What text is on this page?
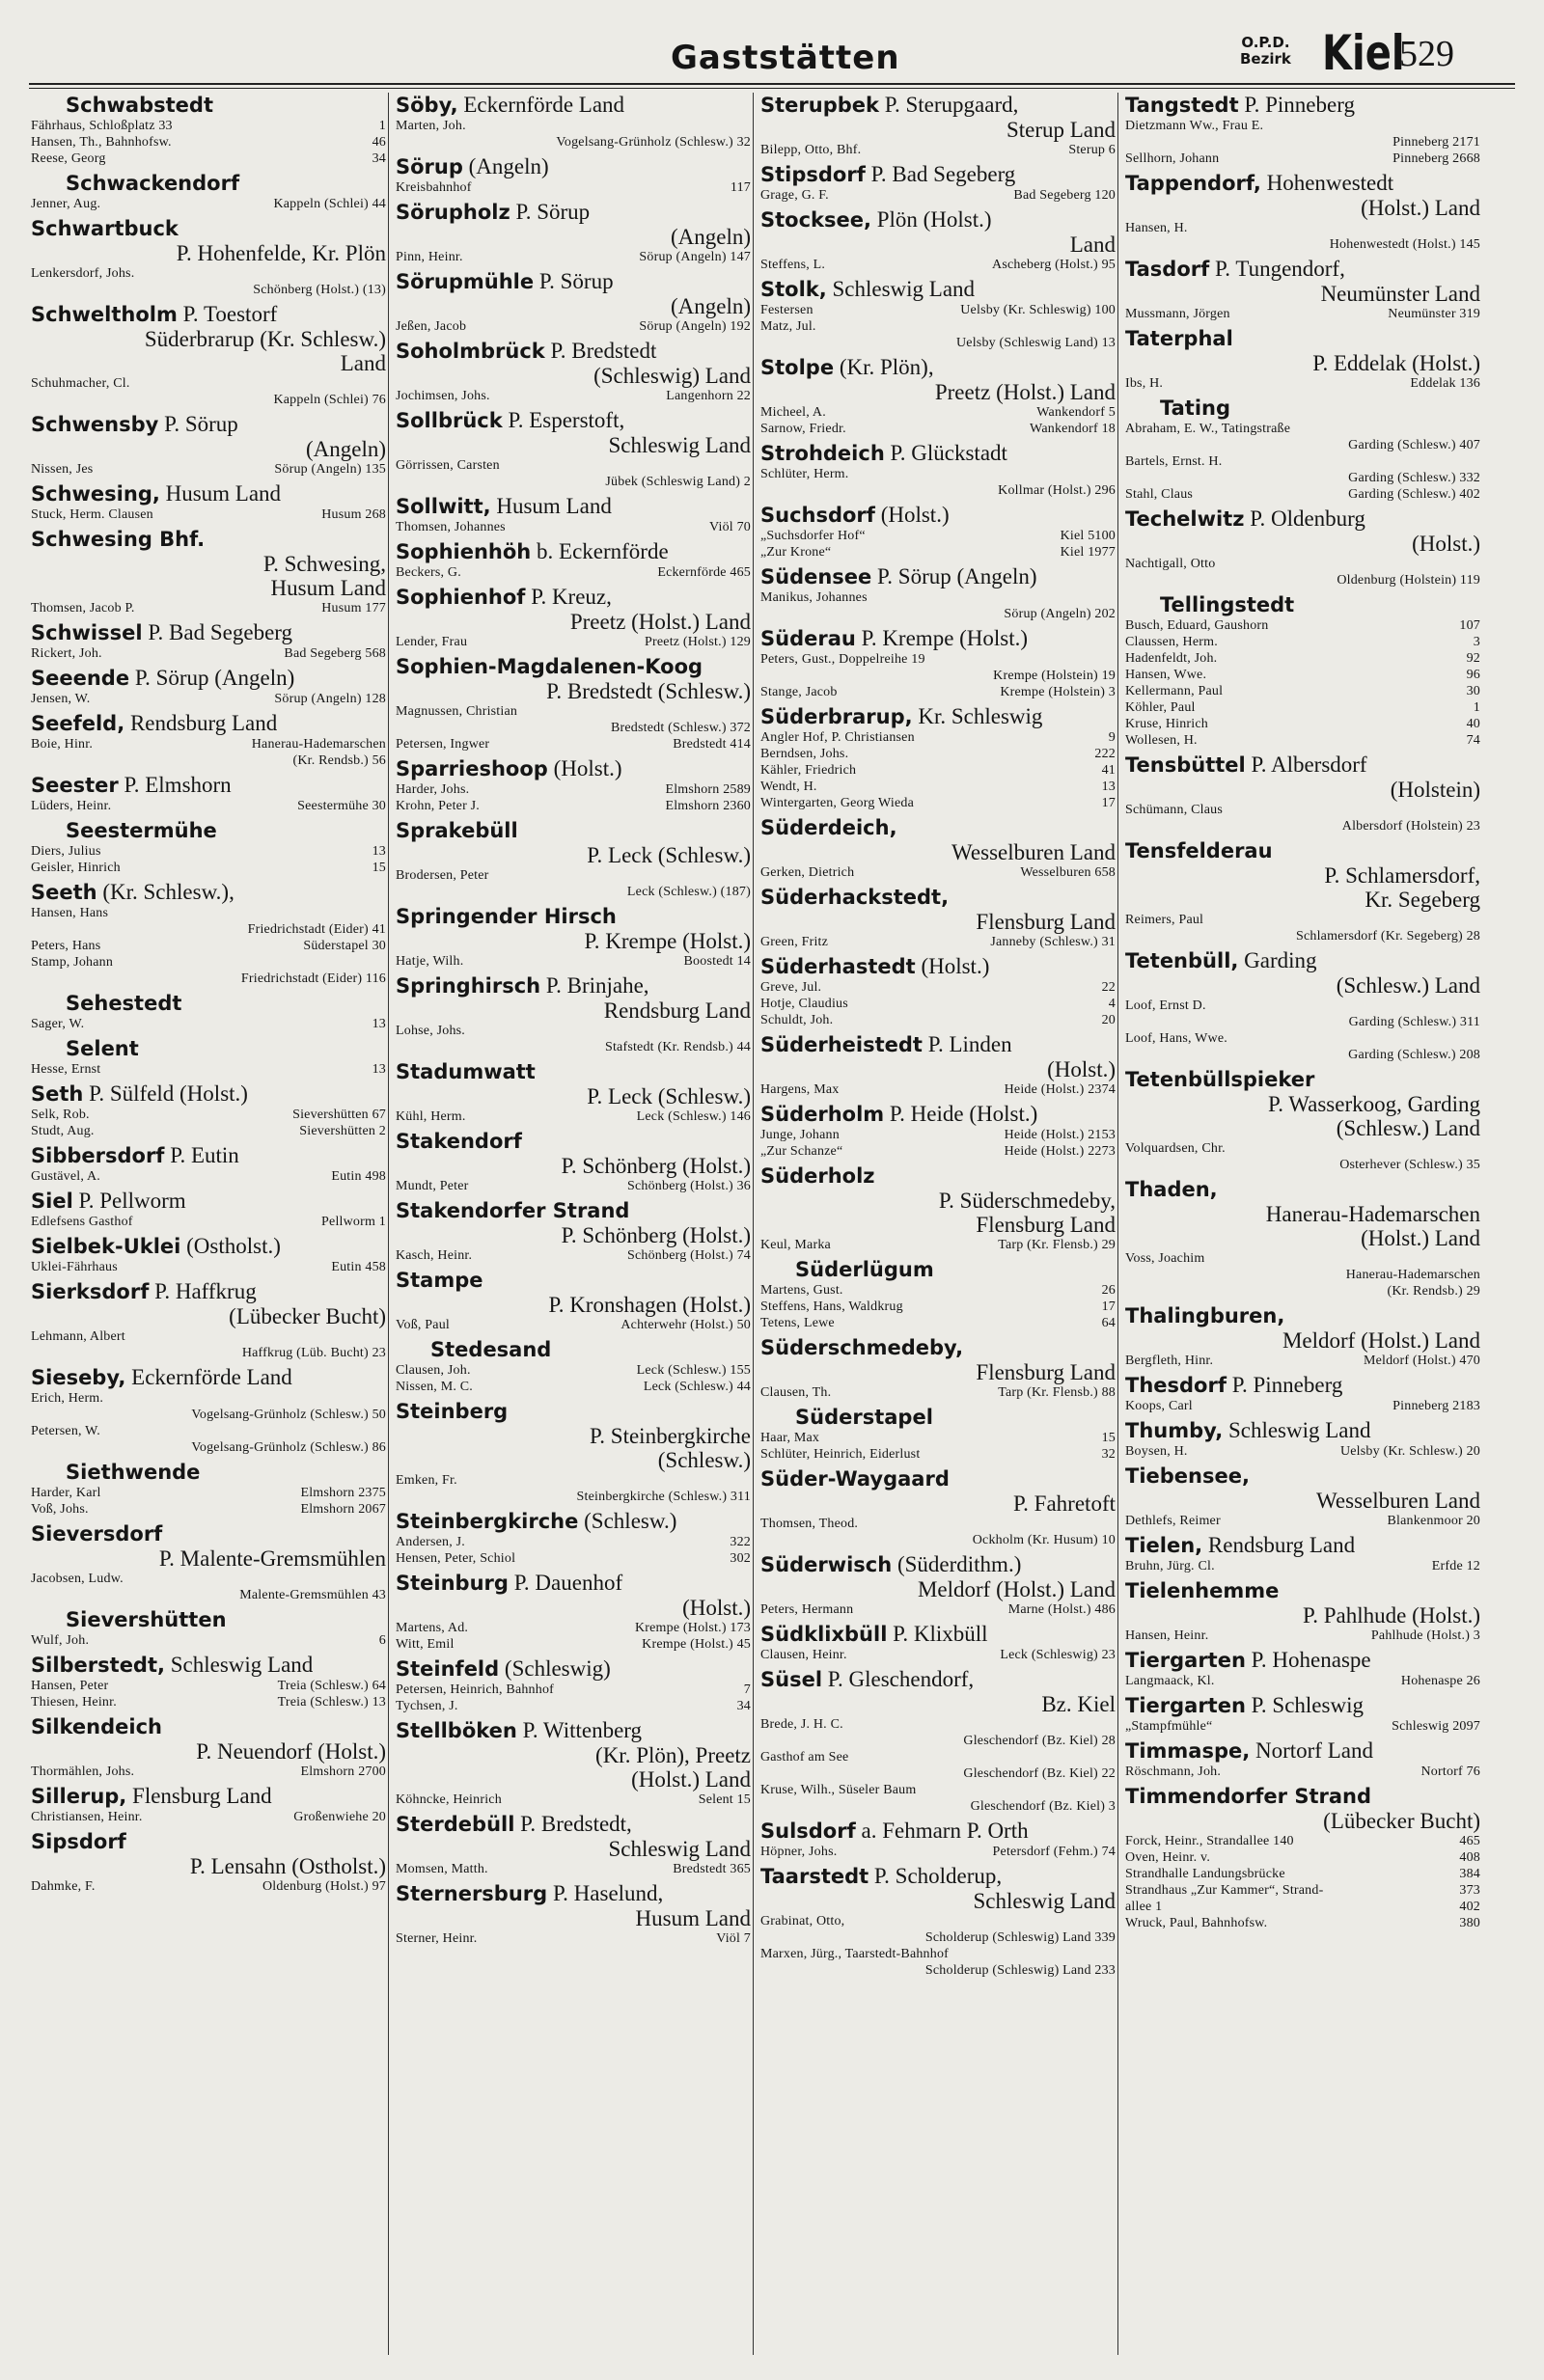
Gaststätten	O.P.D.
Bezirk Kiel
529
Schwabstedt
1
Fährhaus, Schloßplatz 33
46
Hansen, Th., Bahnhofsw.
34
Reese, Georg
Schwackendorf
Kappeln (Schlei) 44
Jenner, Aug.
Schwartbuck
P. Hohenfelde, Kr. Plön
Lenkersdorf, Johs.
Schönberg (Holst.) (13)
Schweltholm P. Toestorf
Süderbrarup (Kr. Schlesw.)
Land
Schuhmacher, Cl.
Kappeln (Schlei) 76
Schwensby P. Sörup
(Angeln)
Sörup (Angeln) 135
Nissen, Jes
Schwesing, Husum Land
Husum 268
Stuck, Herm. Clausen
Schwesing Bhf.
P. Schwesing,
Husum Land
Husum 177
Thomsen, Jacob P.
Schwissel P. Bad Segeberg
Bad Segeberg 568
Rickert, Joh.
Seeende P. Sörup (Angeln)
Sörup (Angeln) 128
Jensen, W.
Seefeld, Rendsburg Land
Hanerau-Hademarschen
Boie, Hinr.
(Kr. Rendsb.) 56
Seester P. Elmshorn
Seestermühe 30
Lüders, Heinr.
Seestermühe
13
Diers, Julius
15
Geisler, Hinrich
Seeth (Kr. Schlesw.),
Hansen, Hans
Friedrichstadt (Eider) 41
Süderstapel 30
Peters, Hans
Stamp, Johann
Friedrichstadt (Eider) 116
Sehestedt
13
Sager, W.
Selent
13
Hesse, Ernst
Seth P. Sülfeld (Holst.)
Sievershütten 67
Selk, Rob.
Sievershütten 2
Studt, Aug.
Sibbersdorf P. Eutin
Eutin 498
Gustävel, A.
Siel P. Pellworm
Pellworm 1
Edlefsens Gasthof
Sielbek-Uklei (Ostholst.)
Eutin 458
Uklei-Fährhaus
Sierksdorf P. Haffkrug
(Lübecker Bucht)
Lehmann, Albert
Haffkrug (Lüb. Bucht) 23
Sieseby, Eckernförde Land
Erich, Herm.
Vogelsang-Grünholz (Schlesw.) 50
Petersen, W.
Vogelsang-Grünholz (Schlesw.) 86
Siethwende
Elmshorn 2375
Harder, Karl
Elmshorn 2067
Voß, Johs.
Sieversdorf
P. Malente-Gremsmühlen
Jacobsen, Ludw.
Malente-Gremsmühlen 43
Sievershütten
6
Wulf, Joh.
Silberstedt, Schleswig Land
Treia (Schlesw.) 64
Hansen, Peter
Treia (Schlesw.) 13
Thiesen, Heinr.
Silkendeich
P. Neuendorf (Holst.)
Elmshorn 2700
Thormählen, Johs.
Sillerup, Flensburg Land
Großenwiehe 20
Christiansen, Heinr.
Sipsdorf
P. Lensahn (Ostholst.)
Oldenburg (Holst.) 97
Dahmke, F.
Söby, Eckernförde Land
Marten, Joh.
Vogelsang-Grünholz (Schlesw.) 32
Sörup (Angeln)
117
Kreisbahnhof
Sörupholz P. Sörup
(Angeln)
Sörup (Angeln) 147
Pinn, Heinr.
Sörupmühle P. Sörup
(Angeln)
Sörup (Angeln) 192
Jeßen, Jacob
Soholmbrück P. Bredstedt
(Schleswig) Land
Langenhorn 22
Jochimsen, Johs.
Sollbrück P. Esperstoft,
Schleswig Land
Görrissen, Carsten
Jübek (Schleswig Land) 2
Sollwitt, Husum Land
Viöl 70
Thomsen, Johannes
Sophienhöh b. Eckernförde
Eckernförde 465
Beckers, G.
Sophienhof P. Kreuz,
Preetz (Holst.) Land
Preetz (Holst.) 129
Lender, Frau
Sophien-Magdalenen-Koog
P. Bredstedt (Schlesw.)
Magnussen, Christian
Bredstedt (Schlesw.) 372
Bredstedt 414
Petersen, Ingwer
Sparrieshoop (Holst.)
Elmshorn 2589
Harder, Johs.
Elmshorn 2360
Krohn, Peter J.
Sprakebüll
P. Leck (Schlesw.)
Brodersen, Peter
Leck (Schlesw.) (187)
Springender Hirsch
P. Krempe (Holst.)
Boostedt 14
Hatje, Wilh.
Springhirsch P. Brinjahe,
Rendsburg Land
Lohse, Johs.
Stafstedt (Kr. Rendsb.) 44
Stadumwatt
P. Leck (Schlesw.)
Leck (Schlesw.) 146
Kühl, Herm.
Stakendorf
P. Schönberg (Holst.)
Schönberg (Holst.) 36
Mundt, Peter
Stakendorfer Strand
P. Schönberg (Holst.)
Schönberg (Holst.) 74
Kasch, Heinr.
Stampe
P. Kronshagen (Holst.)
Achterwehr (Holst.) 50
Voß, Paul
Stedesand
Leck (Schlesw.) 155
Clausen, Joh.
Leck (Schlesw.) 44
Nissen, M. C.
Steinberg
P. Steinbergkirche
(Schlesw.)
Emken, Fr.
Steinbergkirche (Schlesw.) 311
Steinbergkirche (Schlesw.)
322
Andersen, J.
302
Hensen, Peter, Schiol
Steinburg P. Dauenhof
(Holst.)
Krempe (Holst.) 173
Martens, Ad.
Krempe (Holst.) 45
Witt, Emil
Steinfeld (Schleswig)
7
Petersen, Heinrich, Bahnhof
34
Tychsen, J.
Stellböken P. Wittenberg
(Kr. Plön), Preetz
(Holst.) Land
Selent 15
Köhncke, Heinrich
Sterdebüll P. Bredstedt,
Schleswig Land
Bredstedt 365
Momsen, Matth.
Sternersburg P. Haselund,
Husum Land
Viöl 7
Sterner, Heinr.
Sterupbek P. Sterupgaard,
Sterup Land
Sterup 6
Bilepp, Otto, Bhf.
Stipsdorf P. Bad Segeberg
Bad Segeberg 120
Grage, G. F.
Stocksee, Plön (Holst.)
Land
Ascheberg (Holst.) 95
Steffens, L.
Stolk, Schleswig Land
Uelsby (Kr. Schleswig) 100
Festersen
Matz, Jul.
Uelsby (Schleswig Land) 13
Stolpe (Kr. Plön),
Preetz (Holst.) Land
Wankendorf 5
Micheel, A.
Wankendorf 18
Sarnow, Friedr.
Strohdeich P. Glückstadt
Schlüter, Herm.
Kollmar (Holst.) 296
Suchsdorf (Holst.)
Kiel 5100
„Suchsdorfer Hof“
Kiel 1977
„Zur Krone“
Südensee P. Sörup (Angeln)
Manikus, Johannes
Sörup (Angeln) 202
Süderau P. Krempe (Holst.)
Peters, Gust., Doppelreihe 19
Krempe (Holstein) 19
Krempe (Holstein) 3
Stange, Jacob
Süderbrarup, Kr. Schleswig
9
Angler Hof, P. Christiansen
222
Berndsen, Johs.
41
Kähler, Friedrich
13
Wendt, H.
17
Wintergarten, Georg Wieda
Süderdeich,
Wesselburen Land
Wesselburen 658
Gerken, Dietrich
Süderhackstedt,
Flensburg Land
Janneby (Schlesw.) 31
Green, Fritz
Süderhastedt (Holst.)
22
Greve, Jul.
4
Hotje, Claudius
20
Schuldt, Joh.
Süderheistedt P. Linden
(Holst.)
Heide (Holst.) 2374
Hargens, Max
Süderholm P. Heide (Holst.)
Heide (Holst.) 2153
Junge, Johann
Heide (Holst.) 2273
„Zur Schanze“
Süderholz
P. Süderschmedeby,
Flensburg Land
Tarp (Kr. Flensb.) 29
Keul, Marka
Süderlügum
26
Martens, Gust.
17
Steffens, Hans, Waldkrug
64
Tetens, Lewe
Süderschmedeby,
Flensburg Land
Tarp (Kr. Flensb.) 88
Clausen, Th.
Süderstapel
15
Haar, Max
32
Schlüter, Heinrich, Eiderlust
Süder-Waygaard
P. Fahretoft
Thomsen, Theod.
Ockholm (Kr. Husum) 10
Süderwisch (Süderdithm.)
Meldorf (Holst.) Land
Marne (Holst.) 486
Peters, Hermann
Südklixbüll P. Klixbüll
Leck (Schleswig) 23
Clausen, Heinr.
Süsel P. Gleschendorf,
Bz. Kiel
Brede, J. H. C.
Gleschendorf (Bz. Kiel) 28
Gasthof am See
Gleschendorf (Bz. Kiel) 22
Kruse, Wilh., Süseler Baum
Gleschendorf (Bz. Kiel) 3
Sulsdorf a. Fehmarn P. Orth
Petersdorf (Fehm.) 74
Höpner, Johs.
Taarstedt P. Scholderup,
Schleswig Land
Grabinat, Otto,
Scholderup (Schleswig) Land 339
Marxen, Jürg., Taarstedt-Bahnhof
Scholderup (Schleswig) Land 233
Tangstedt P. Pinneberg
Dietzmann Ww., Frau E.
Pinneberg 2171
Pinneberg 2668
Sellhorn, Johann
Tappendorf, Hohenwestedt
(Holst.) Land
Hansen, H.
Hohenwestedt (Holst.) 145
Tasdorf P. Tungendorf,
Neumünster Land
Neumünster 319
Mussmann, Jörgen
Taterphal
P. Eddelak (Holst.)
Eddelak 136
Ibs, H.
Tating
Abraham, E. W., Tatingstraße
Garding (Schlesw.) 407
Bartels, Ernst. H.
Garding (Schlesw.) 332
Garding (Schlesw.) 402
Stahl, Claus
Techelwitz P. Oldenburg
(Holst.)
Nachtigall, Otto
Oldenburg (Holstein) 119
Tellingstedt
107
Busch, Eduard, Gaushorn
3
Claussen, Herm.
92
Hadenfeldt, Joh.
96
Hansen, Wwe.
30
Kellermann, Paul
1
Köhler, Paul
40
Kruse, Hinrich
74
Wollesen, H.
Tensbüttel P. Albersdorf
(Holstein)
Schümann, Claus
Albersdorf (Holstein) 23
Tensfelderau
P. Schlamersdorf,
Kr. Segeberg
Reimers, Paul
Schlamersdorf (Kr. Segeberg) 28
Tetenbüll, Garding
(Schlesw.) Land
Loof, Ernst D.
Garding (Schlesw.) 311
Loof, Hans, Wwe.
Garding (Schlesw.) 208
Tetenbüllspieker
P. Wasserkoog, Garding
(Schlesw.) Land
Volquardsen, Chr.
Osterhever (Schlesw.) 35
Thaden,
Hanerau-Hademarschen
(Holst.) Land
Voss, Joachim
Hanerau-Hademarschen
(Kr. Rendsb.) 29
Thalingburen,
Meldorf (Holst.) Land
Meldorf (Holst.) 470
Bergfleth, Hinr.
Thesdorf P. Pinneberg
Pinneberg 2183
Koops, Carl
Thumby, Schleswig Land
Uelsby (Kr. Schlesw.) 20
Boysen, H.
Tiebensee,
Wesselburen Land
Blankenmoor 20
Dethlefs, Reimer
Tielen, Rendsburg Land
Erfde 12
Bruhn, Jürg. Cl.
Tielenhemme
P. Pahlhude (Holst.)
Pahlhude (Holst.) 3
Hansen, Heinr.
Tiergarten P. Hohenaspe
Hohenaspe 26
Langmaack, Kl.
Tiergarten P. Schleswig
Schleswig 2097
„Stampfmühle“
Timmaspe, Nortorf Land
Nortorf 76
Röschmann, Joh.
Timmendorfer Strand
(Lübecker Bucht)
465
Forck, Heinr., Strandallee 140
408
Oven, Heinr. v.
384
Strandhalle Landungsbrücke
373
Strandhaus „Zur Kammer“, Strand-
402
allee 1
380
Wruck, Paul, Bahnhofsw.
